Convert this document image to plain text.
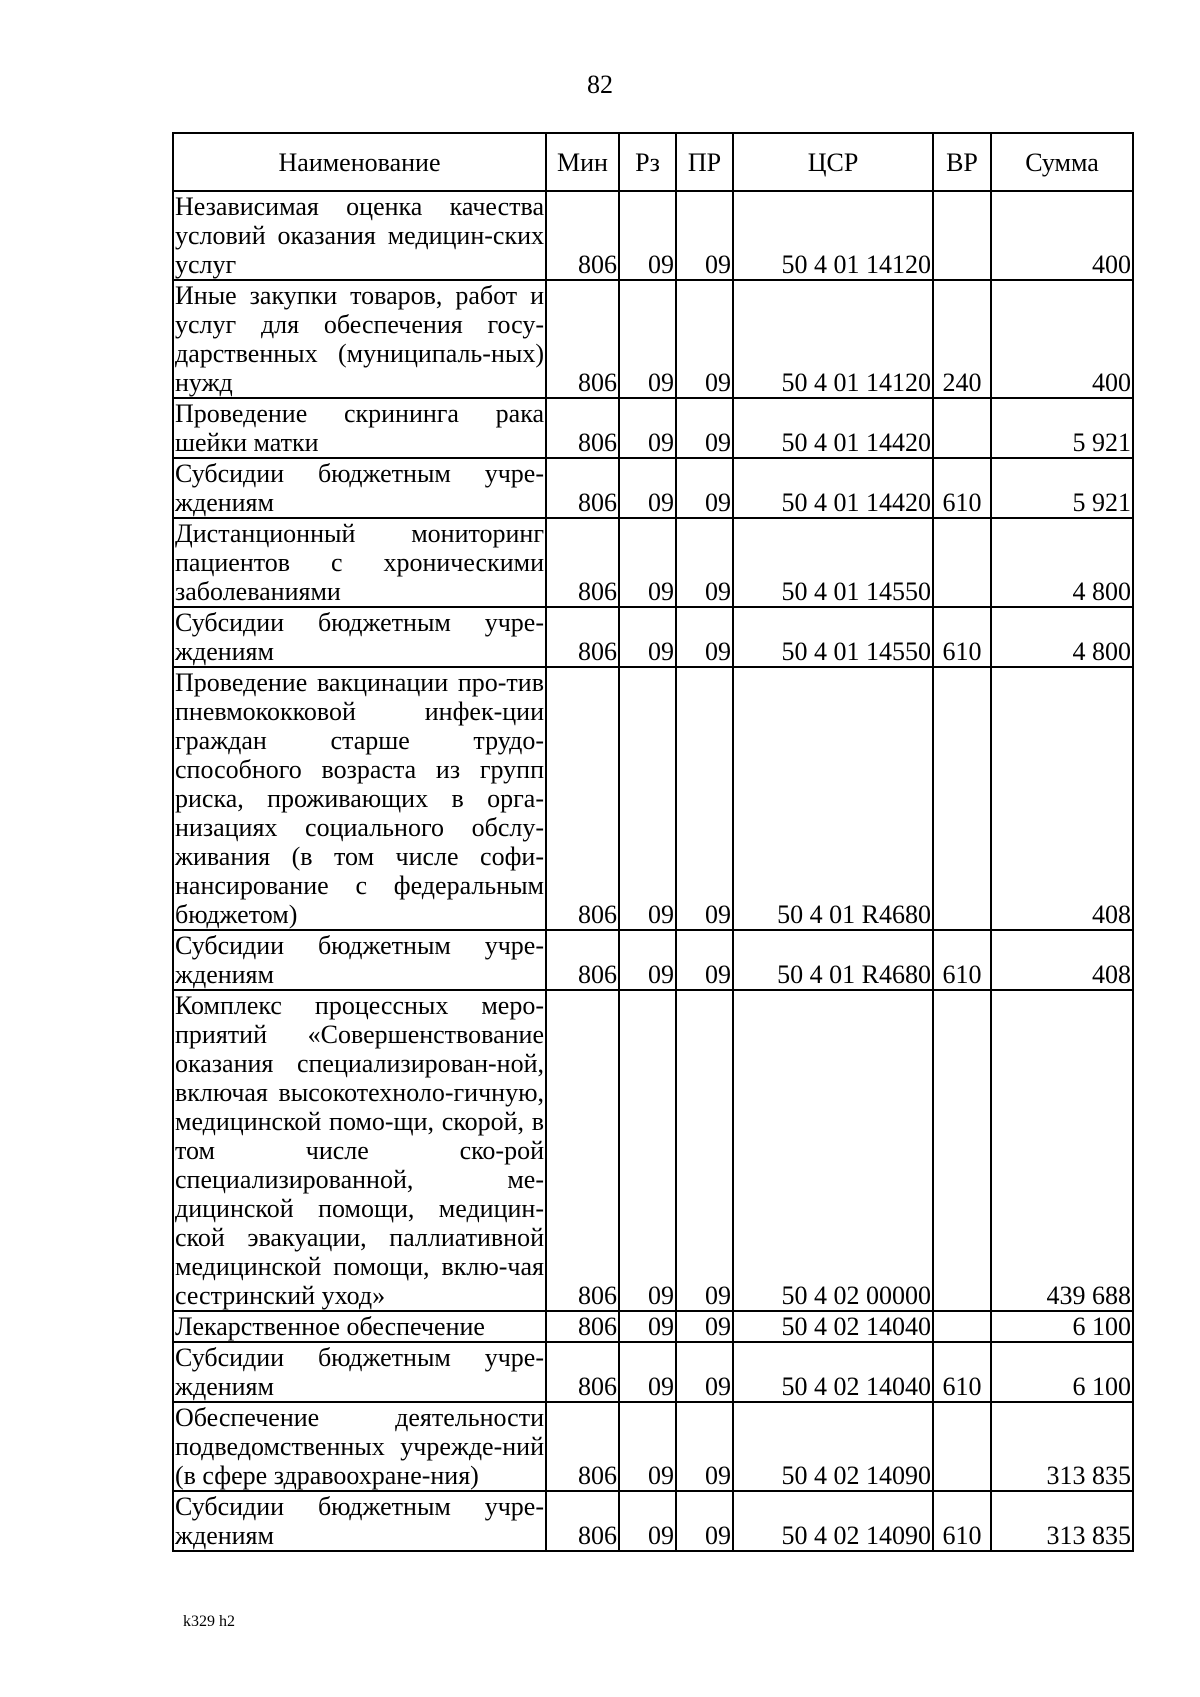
82
Наименование	Мин	Рз	ПР	ЦСР	ВР	Сумма
Независимая оценка качества условий оказания медицин-ских услуг	806	09	09	50 4 01 14120		400
Иные закупки товаров, работ и услуг для обеспечения госу-дарственных (муниципаль-ных) нужд	806	09	09	50 4 01 14120	240	400
Проведение скрининга рака шейки матки	806	09	09	50 4 01 14420		5 921
Субсидии бюджетным учре-ждениям	806	09	09	50 4 01 14420	610	5 921
Дистанционный мониторинг пациентов с хроническими заболеваниями	806	09	09	50 4 01 14550		4 800
Субсидии бюджетным учре-ждениям	806	09	09	50 4 01 14550	610	4 800
Проведение вакцинации про-тив пневмококковой инфек-ции граждан старше трудо-способного возраста из групп риска, проживающих в орга-низациях социального обслу-живания (в том числе софи-нансирование с федеральным бюджетом)	806	09	09	50 4 01 R4680		408
Субсидии бюджетным учре-ждениям	806	09	09	50 4 01 R4680	610	408
Комплекс процессных меро-приятий «Совершенствование оказания специализирован-ной, включая высокотехноло-гичную, медицинской помо-щи, скорой, в том числе ско-рой специализированной, ме-дицинской помощи, медицин-ской эвакуации, паллиативной медицинской помощи, вклю-чая сестринский уход»	806	09	09	50 4 02 00000		439 688
Лекарственное обеспечение	806	09	09	50 4 02 14040		6 100
Субсидии бюджетным учре-ждениям	806	09	09	50 4 02 14040	610	6 100
Обеспечение деятельности подведомственных учрежде-ний (в сфере здравоохране-ния)	806	09	09	50 4 02 14090		313 835
Субсидии бюджетным учре-ждениям	806	09	09	50 4 02 14090	610	313 835
k329 h2
